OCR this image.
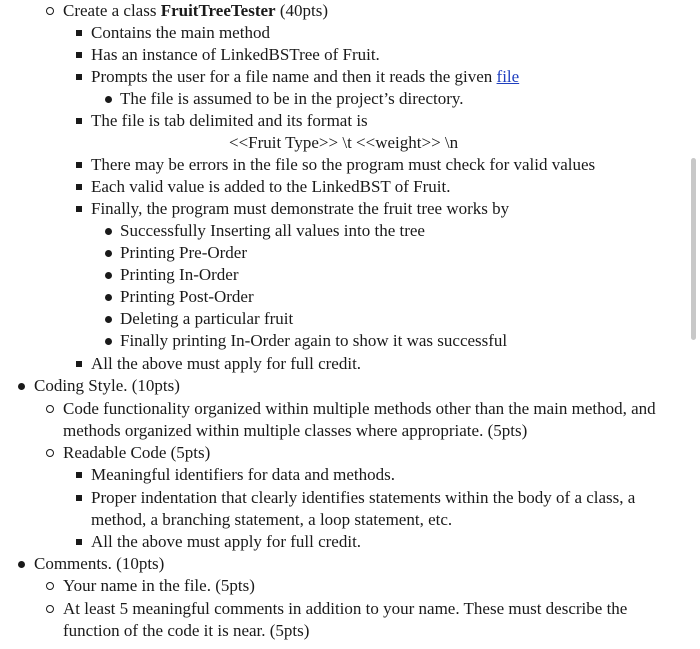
Create a class FruitTreeTester (40pts)
Contains the main method
Has an instance of LinkedBSTree of Fruit.
Prompts the user for a file name and then it reads the given file
The file is assumed to be in the project’s directory.
The file is tab delimited and its format is
<<Fruit Type>> \t <<weight>> \n
There may be errors in the file so the program must check for valid values
Each valid value is added to the LinkedBST of Fruit.
Finally, the program must demonstrate the fruit tree works by
Successfully Inserting all values into the tree
Printing Pre-Order
Printing In-Order
Printing Post-Order
Deleting a particular fruit
Finally printing In-Order again to show it was successful
All the above must apply for full credit.
Coding Style. (10pts)
Code functionality organized within multiple methods other than the main method, and
methods organized within multiple classes where appropriate. (5pts)
Readable Code (5pts)
Meaningful identifiers for data and methods.
Proper indentation that clearly identifies statements within the body of a class, a
method, a branching statement, a loop statement, etc.
All the above must apply for full credit.
Comments. (10pts)
Your name in the file. (5pts)
At least 5 meaningful comments in addition to your name. These must describe the
function of the code it is near. (5pts)
